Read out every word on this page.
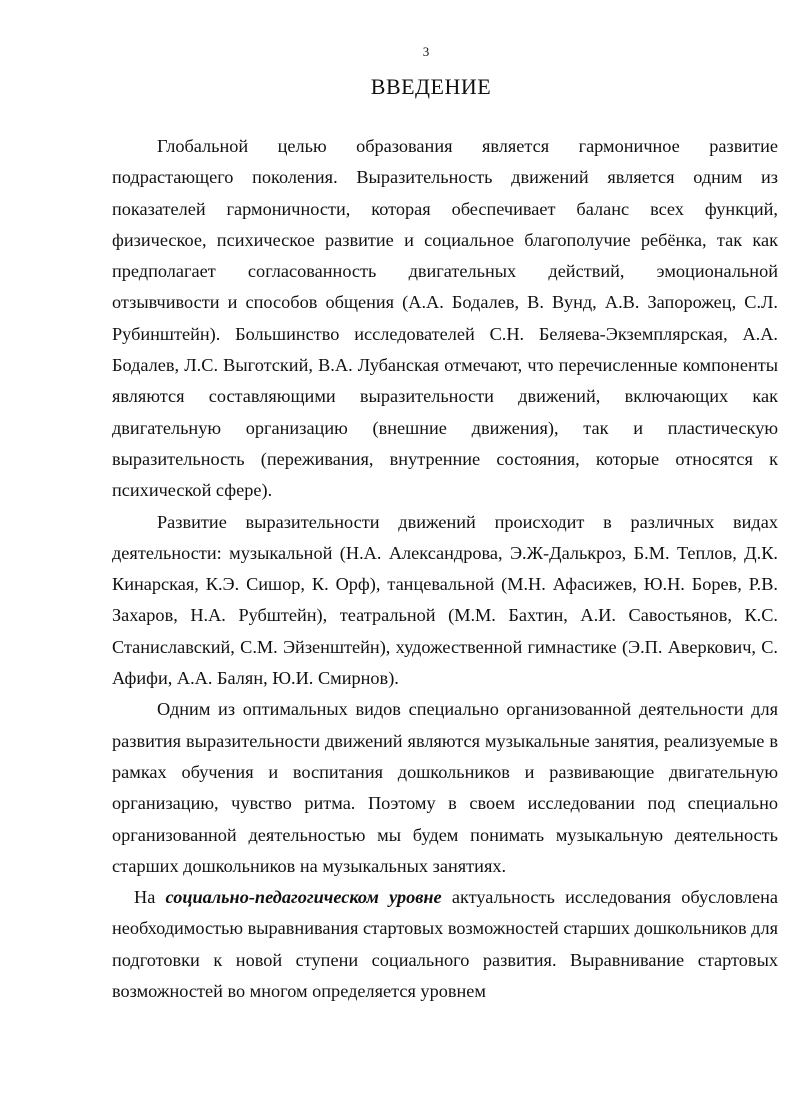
3
ВВЕДЕНИЕ

Глобальной целью образования является гармоничное развитие подрастающего поколения. Выразительность движений является одним из показателей гармоничности, которая обеспечивает баланс всех функций, физическое, психическое развитие и социальное благополучие ребёнка, так как предполагает согласованность двигательных действий, эмоциональной отзывчивости и способов общения (А.А. Бодалев, В. Вунд, А.В. Запорожец, С.Л. Рубинштейн). Большинство исследователей С.Н. Беляева-Экземплярская, А.А. Бодалев, Л.С. Выготский, В.А. Лубанская отмечают, что перечисленные компоненты являются составляющими выразительности движений, включающих как двигательную организацию (внешние движения), так и пластическую выразительность (переживания, внутренние состояния, которые относятся к психической сфере).

Развитие выразительности движений происходит в различных видах деятельности: музыкальной (Н.А. Александрова, Э.Ж-Далькроз, Б.М. Теплов, Д.К. Кинарская, К.Э. Сишор, К. Орф), танцевальной (М.Н. Афасижев, Ю.Н. Борев, Р.В. Захаров, Н.А. Рубштейн), театральной (М.М. Бахтин, А.И. Савостьянов, К.С. Станиславский, С.М. Эйзенштейн), художественной гимнастике (Э.П. Аверкович, С. Афифи, А.А. Балян, Ю.И. Смирнов).

Одним из оптимальных видов специально организованной деятельности для развития выразительности движений являются музыкальные занятия, реализуемые в рамках обучения и воспитания дошкольников и развивающие двигательную организацию, чувство ритма. Поэтому в своем исследовании под специально организованной деятельностью мы будем понимать музыкальную деятельность старших дошкольников на музыкальных занятиях.

На социально-педагогическом уровне актуальность исследования обусловлена необходимостью выравнивания стартовых возможностей старших дошкольников для подготовки к новой ступени социального развития. Выравнивание стартовых возможностей во многом определяется уровнем
